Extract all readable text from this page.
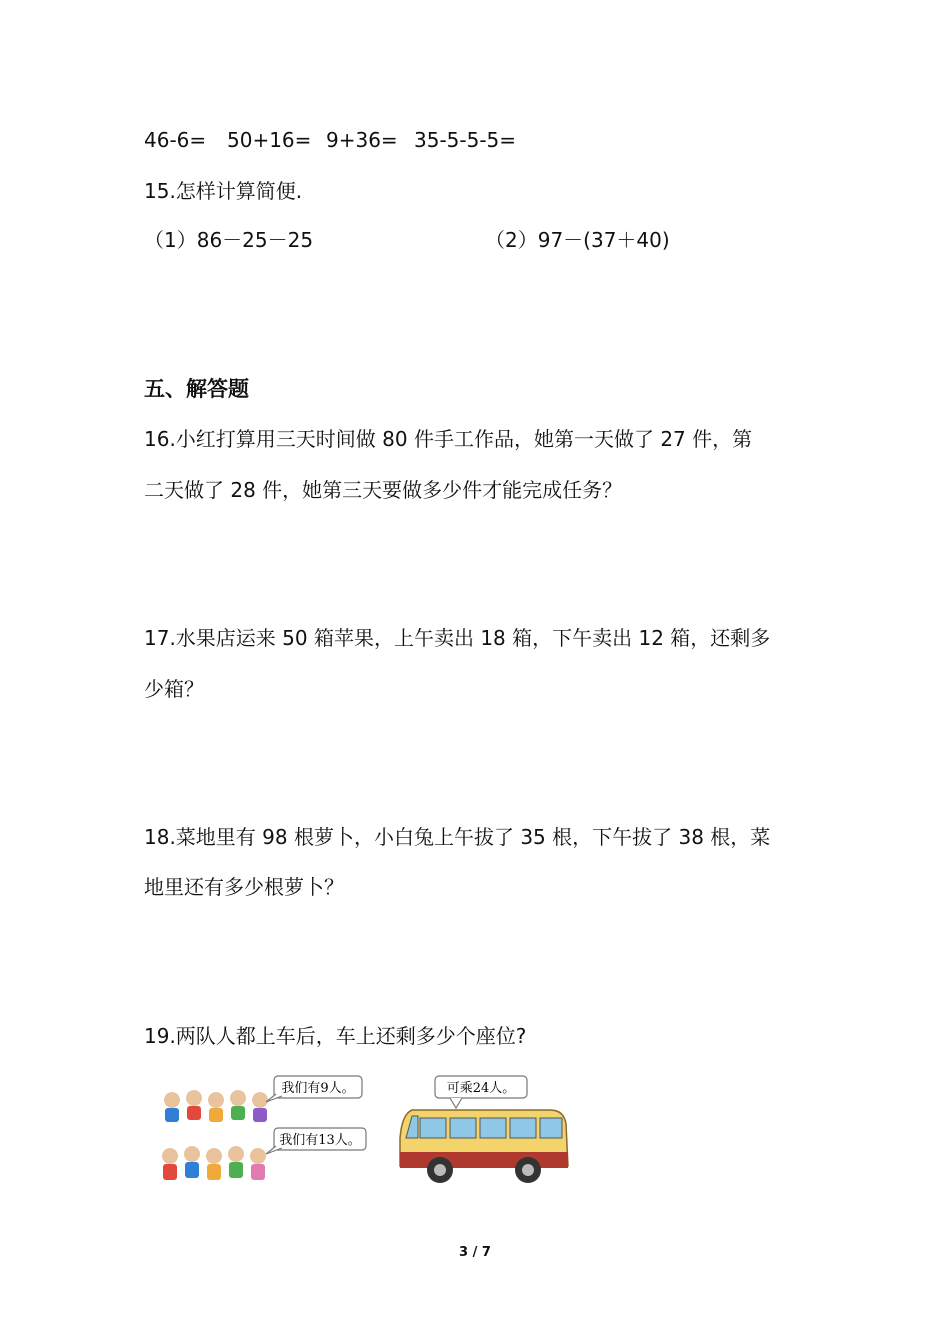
46-6= 50+16= 9+36= 35-5-5-5=
15.怎样计算简便.
（1）86－25－25	（2）97－(37＋40)
五、解答题
16.小红打算用三天时间做 80 件手工作品，她第一天做了 27 件，第
二天做了 28 件，她第三天要做多少件才能完成任务？
17.水果店运来 50 箱苹果，上午卖出 18 箱，下午卖出 12 箱，还剩多
少箱？
18.菜地里有 98 根萝卜，小白兔上午拔了 35 根，下午拔了 38 根，菜
地里还有多少根萝卜？
19.两队人都上车后，车上还剩多少个座位?
我们有9人。
我们有13人。
可乘24人。
3 / 7
